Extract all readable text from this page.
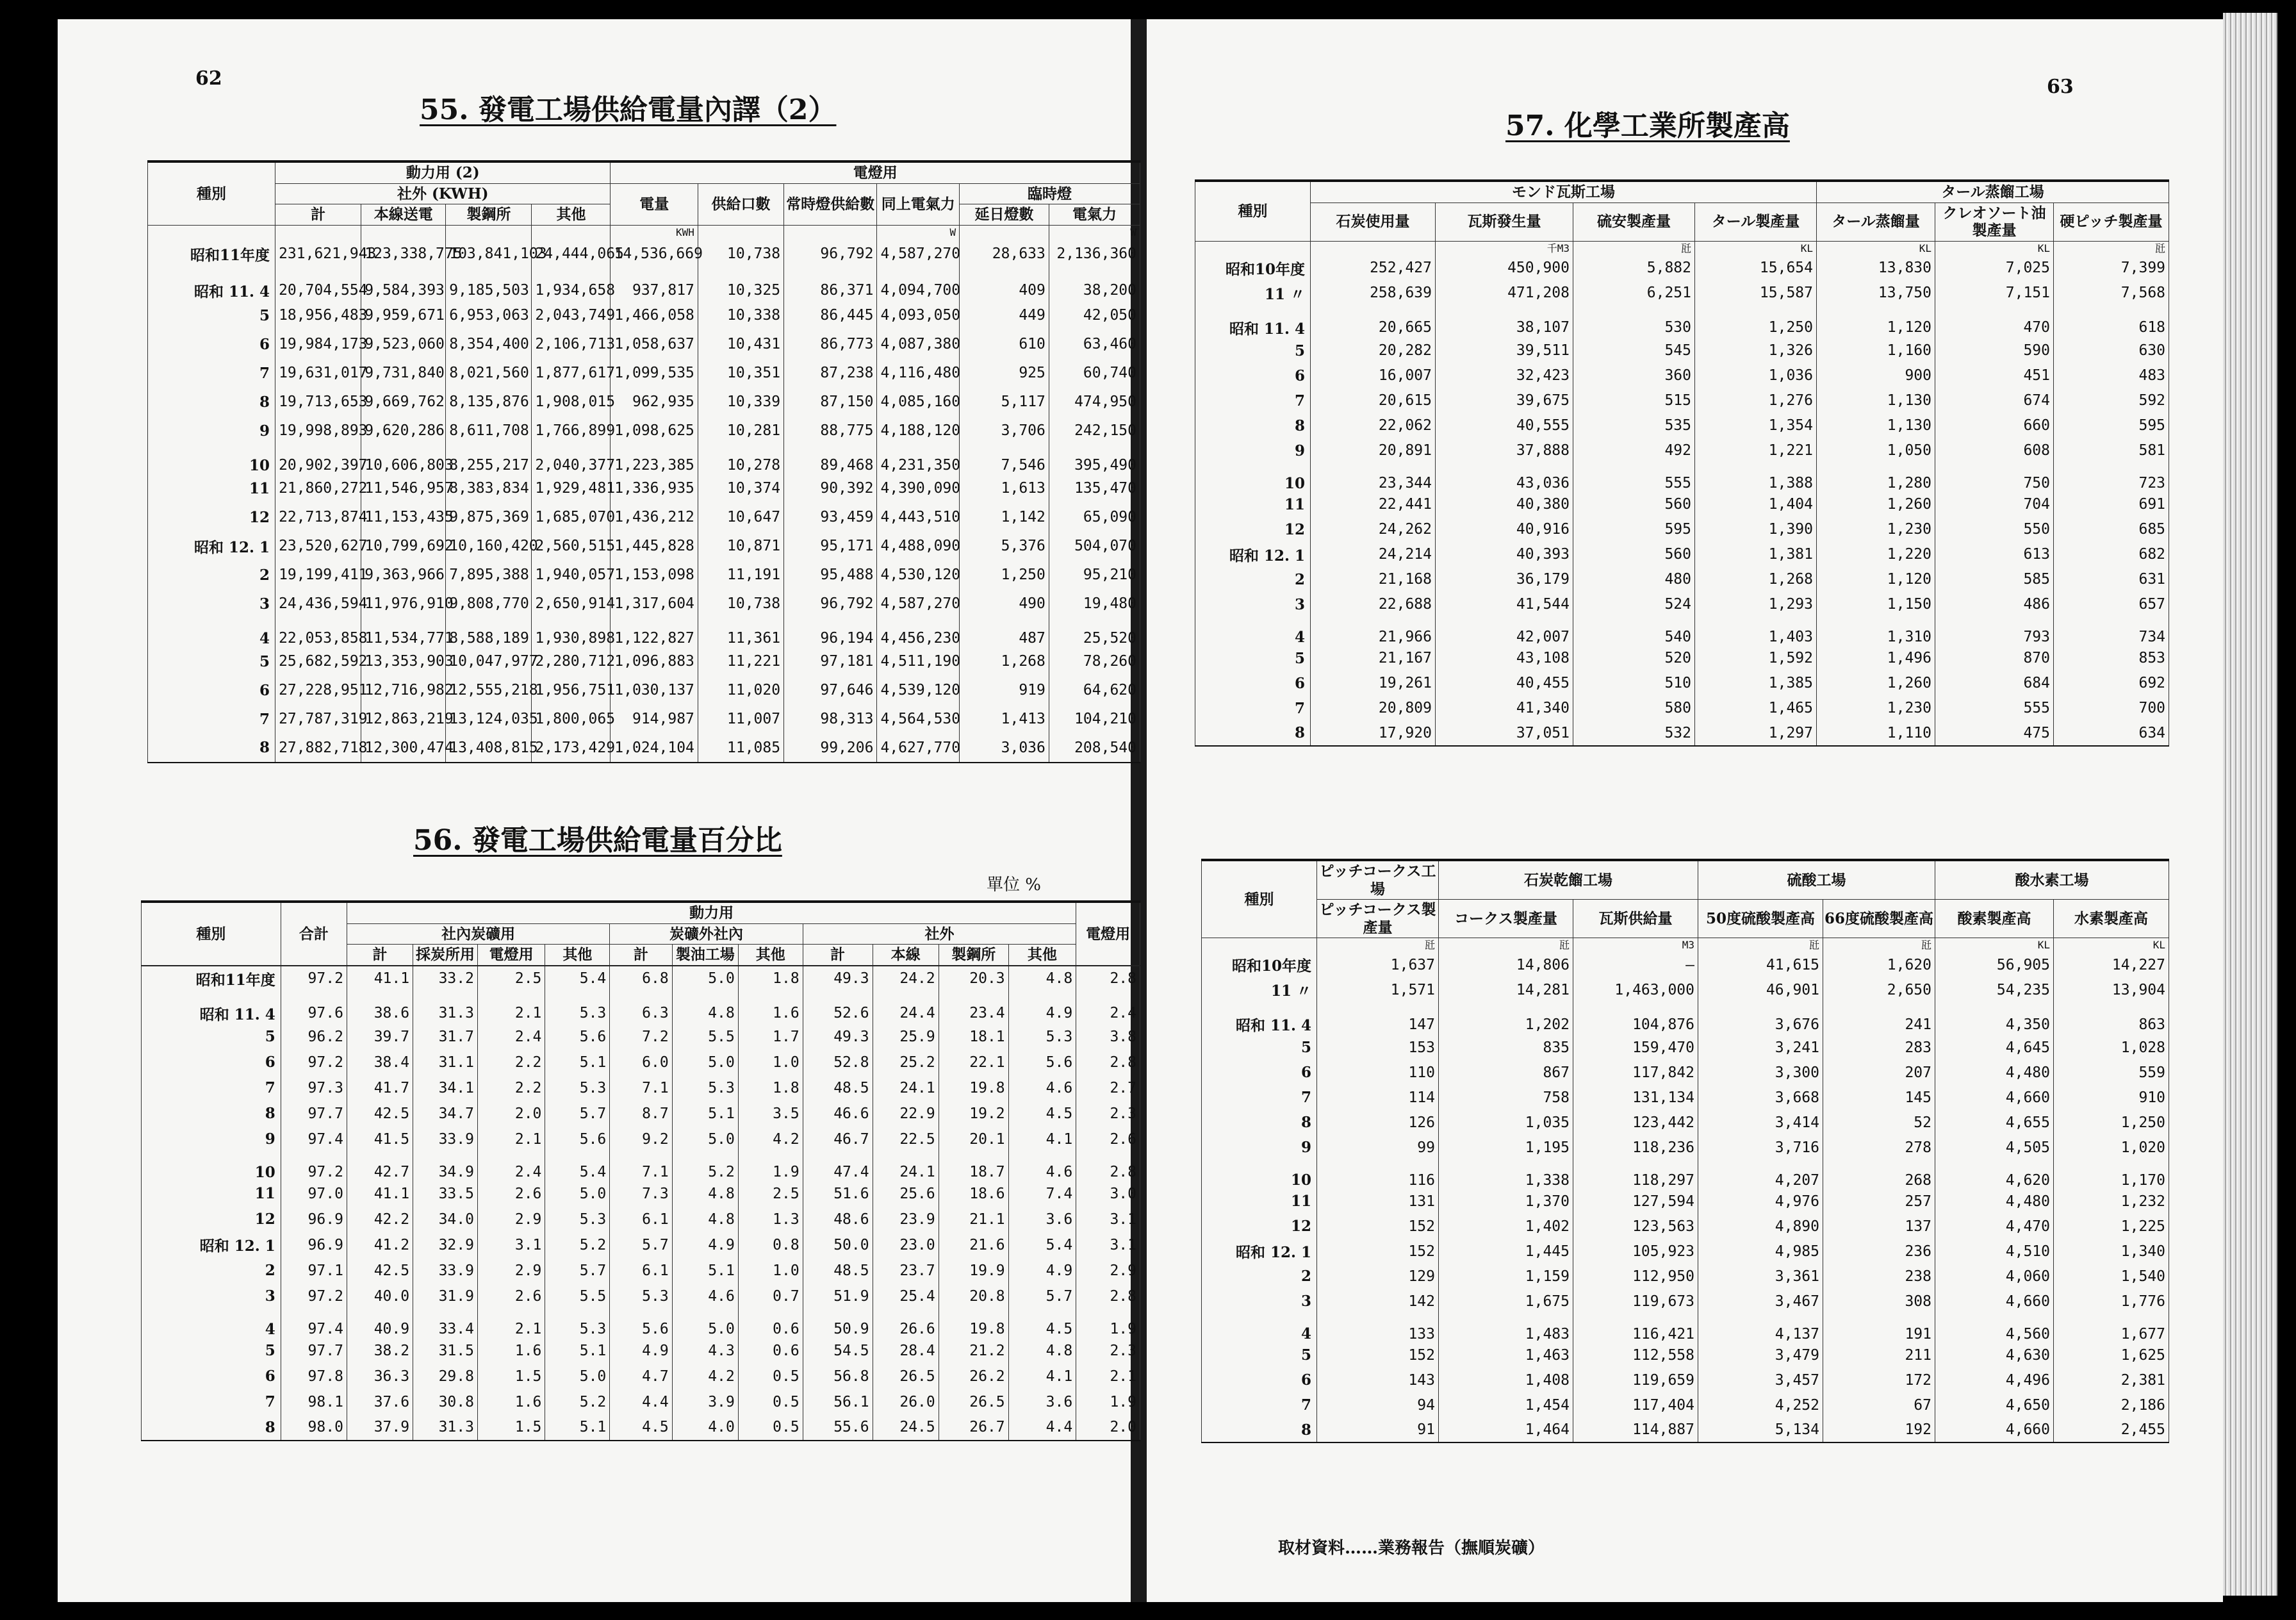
62
55. 發電工場供給電量內譯（2）
種別	動力用 (2)				電燈用					
	社外 (KWH)				電量	供給口數	常時燈供給數	同上電氣力	臨時燈	
	計	本線送電	製鋼所	其他					延日燈數	電氣力
					KWH			W		W
昭和11年度	231,621,943	123,338,775	103,841,103	24,444,065	14,536,669	10,738	96,792	4,587,270	28,633	2,136,360
昭和 11. 4	20,704,554	9,584,393	9,185,503	1,934,658	937,817	10,325	86,371	4,094,700	409	38,200
5	18,956,483	9,959,671	6,953,063	2,043,749	1,466,058	10,338	86,445	4,093,050	449	42,050
6	19,984,173	9,523,060	8,354,400	2,106,713	1,058,637	10,431	86,773	4,087,380	610	63,460
7	19,631,017	9,731,840	8,021,560	1,877,617	1,099,535	10,351	87,238	4,116,480	925	60,740
8	19,713,653	9,669,762	8,135,876	1,908,015	962,935	10,339	87,150	4,085,160	5,117	474,950
9	19,998,893	9,620,286	8,611,708	1,766,899	1,098,625	10,281	88,775	4,188,120	3,706	242,150
10	20,902,397	10,606,803	8,255,217	2,040,377	1,223,385	10,278	89,468	4,231,350	7,546	395,490
11	21,860,272	11,546,957	8,383,834	1,929,481	1,336,935	10,374	90,392	4,390,090	1,613	135,470
12	22,713,874	11,153,435	9,875,369	1,685,070	1,436,212	10,647	93,459	4,443,510	1,142	65,090
昭和 12. 1	23,520,627	10,799,692	10,160,420	2,560,515	1,445,828	10,871	95,171	4,488,090	5,376	504,070
2	19,199,411	9,363,966	7,895,388	1,940,057	1,153,098	11,191	95,488	4,530,120	1,250	95,210
3	24,436,594	11,976,910	9,808,770	2,650,914	1,317,604	10,738	96,792	4,587,270	490	19,480
4	22,053,858	11,534,771	8,588,189	1,930,898	1,122,827	11,361	96,194	4,456,230	487	25,520
5	25,682,592	13,353,903	10,047,977	2,280,712	1,096,883	11,221	97,181	4,511,190	1,268	78,260
6	27,228,951	12,716,982	12,555,218	1,956,751	1,030,137	11,020	97,646	4,539,120	919	64,620
7	27,787,319	12,863,219	13,124,035	1,800,065	914,987	11,007	98,313	4,564,530	1,413	104,210
8	27,882,718	12,300,474	13,408,815	2,173,429	1,024,104	11,085	99,206	4,627,770	3,036	208,540
56. 發電工場供給電量百分比
單位 %
種別	合計	動力用											電燈用
		社內炭礦用				炭礦外社內			社外				
		計	採炭所用	電燈用	其他	計	製油工場	其他	計	本線	製鋼所	其他	
昭和11年度	97.2	41.1	33.2	2.5	5.4	6.8	5.0	1.8	49.3	24.2	20.3	4.8	2.8
昭和 11. 4	97.6	38.6	31.3	2.1	5.3	6.3	4.8	1.6	52.6	24.4	23.4	4.9	2.4
5	96.2	39.7	31.7	2.4	5.6	7.2	5.5	1.7	49.3	25.9	18.1	5.3	3.8
6	97.2	38.4	31.1	2.2	5.1	6.0	5.0	1.0	52.8	25.2	22.1	5.6	2.8
7	97.3	41.7	34.1	2.2	5.3	7.1	5.3	1.8	48.5	24.1	19.8	4.6	2.7
8	97.7	42.5	34.7	2.0	5.7	8.7	5.1	3.5	46.6	22.9	19.2	4.5	2.3
9	97.4	41.5	33.9	2.1	5.6	9.2	5.0	4.2	46.7	22.5	20.1	4.1	2.6
10	97.2	42.7	34.9	2.4	5.4	7.1	5.2	1.9	47.4	24.1	18.7	4.6	2.8
11	97.0	41.1	33.5	2.6	5.0	7.3	4.8	2.5	51.6	25.6	18.6	7.4	3.0
12	96.9	42.2	34.0	2.9	5.3	6.1	4.8	1.3	48.6	23.9	21.1	3.6	3.1
昭和 12. 1	96.9	41.2	32.9	3.1	5.2	5.7	4.9	0.8	50.0	23.0	21.6	5.4	3.1
2	97.1	42.5	33.9	2.9	5.7	6.1	5.1	1.0	48.5	23.7	19.9	4.9	2.9
3	97.2	40.0	31.9	2.6	5.5	5.3	4.6	0.7	51.9	25.4	20.8	5.7	2.8
4	97.4	40.9	33.4	2.1	5.3	5.6	5.0	0.6	50.9	26.6	19.8	4.5	1.9
5	97.7	38.2	31.5	1.6	5.1	4.9	4.3	0.6	54.5	28.4	21.2	4.8	2.3
6	97.8	36.3	29.8	1.5	5.0	4.7	4.2	0.5	56.8	26.5	26.2	4.1	2.1
7	98.1	37.6	30.8	1.6	5.2	4.4	3.9	0.5	56.1	26.0	26.5	3.6	1.9
8	98.0	37.9	31.3	1.5	5.1	4.5	4.0	0.5	55.6	24.5	26.7	4.4	2.0
63
57. 化學工業所製產高
種別	モンド瓦斯工場				タール蒸餾工場		
	石炭使用量	瓦斯發生量	硫安製產量	タール製產量	タール蒸餾量	クレオソート油製產量	硬ピッチ製產量
		千M3	瓩	KL	KL	KL	瓩
昭和10年度	252,427	450,900	5,882	15,654	13,830	7,025	7,399
11 〃	258,639	471,208	6,251	15,587	13,750	7,151	7,568
昭和 11. 4	20,665	38,107	530	1,250	1,120	470	618
5	20,282	39,511	545	1,326	1,160	590	630
6	16,007	32,423	360	1,036	900	451	483
7	20,615	39,675	515	1,276	1,130	674	592
8	22,062	40,555	535	1,354	1,130	660	595
9	20,891	37,888	492	1,221	1,050	608	581
10	23,344	43,036	555	1,388	1,280	750	723
11	22,441	40,380	560	1,404	1,260	704	691
12	24,262	40,916	595	1,390	1,230	550	685
昭和 12. 1	24,214	40,393	560	1,381	1,220	613	682
2	21,168	36,179	480	1,268	1,120	585	631
3	22,688	41,544	524	1,293	1,150	486	657
4	21,966	42,007	540	1,403	1,310	793	734
5	21,167	43,108	520	1,592	1,496	870	853
6	19,261	40,455	510	1,385	1,260	684	692
7	20,809	41,340	580	1,465	1,230	555	700
8	17,920	37,051	532	1,297	1,110	475	634
種別	ピッチコークス工場	石炭乾餾工場		硫酸工場		酸水素工場	
	ピッチコークス製產量	コークス製產量	瓦斯供給量	50度硫酸製產高	66度硫酸製產高	酸素製產高	水素製產高
	瓩	瓩	M3	瓩	瓩	KL	KL
昭和10年度	1,637	14,806	—	41,615	1,620	56,905	14,227
11 〃	1,571	14,281	1,463,000	46,901	2,650	54,235	13,904
昭和 11. 4	147	1,202	104,876	3,676	241	4,350	863
5	153	835	159,470	3,241	283	4,645	1,028
6	110	867	117,842	3,300	207	4,480	559
7	114	758	131,134	3,668	145	4,660	910
8	126	1,035	123,442	3,414	52	4,655	1,250
9	99	1,195	118,236	3,716	278	4,505	1,020
10	116	1,338	118,297	4,207	268	4,620	1,170
11	131	1,370	127,594	4,976	257	4,480	1,232
12	152	1,402	123,563	4,890	137	4,470	1,225
昭和 12. 1	152	1,445	105,923	4,985	236	4,510	1,340
2	129	1,159	112,950	3,361	238	4,060	1,540
3	142	1,675	119,673	3,467	308	4,660	1,776
4	133	1,483	116,421	4,137	191	4,560	1,677
5	152	1,463	112,558	3,479	211	4,630	1,625
6	143	1,408	119,659	3,457	172	4,496	2,381
7	94	1,454	117,404	4,252	67	4,650	2,186
8	91	1,464	114,887	5,134	192	4,660	2,455
取材資料……業務報告（撫順炭礦）
